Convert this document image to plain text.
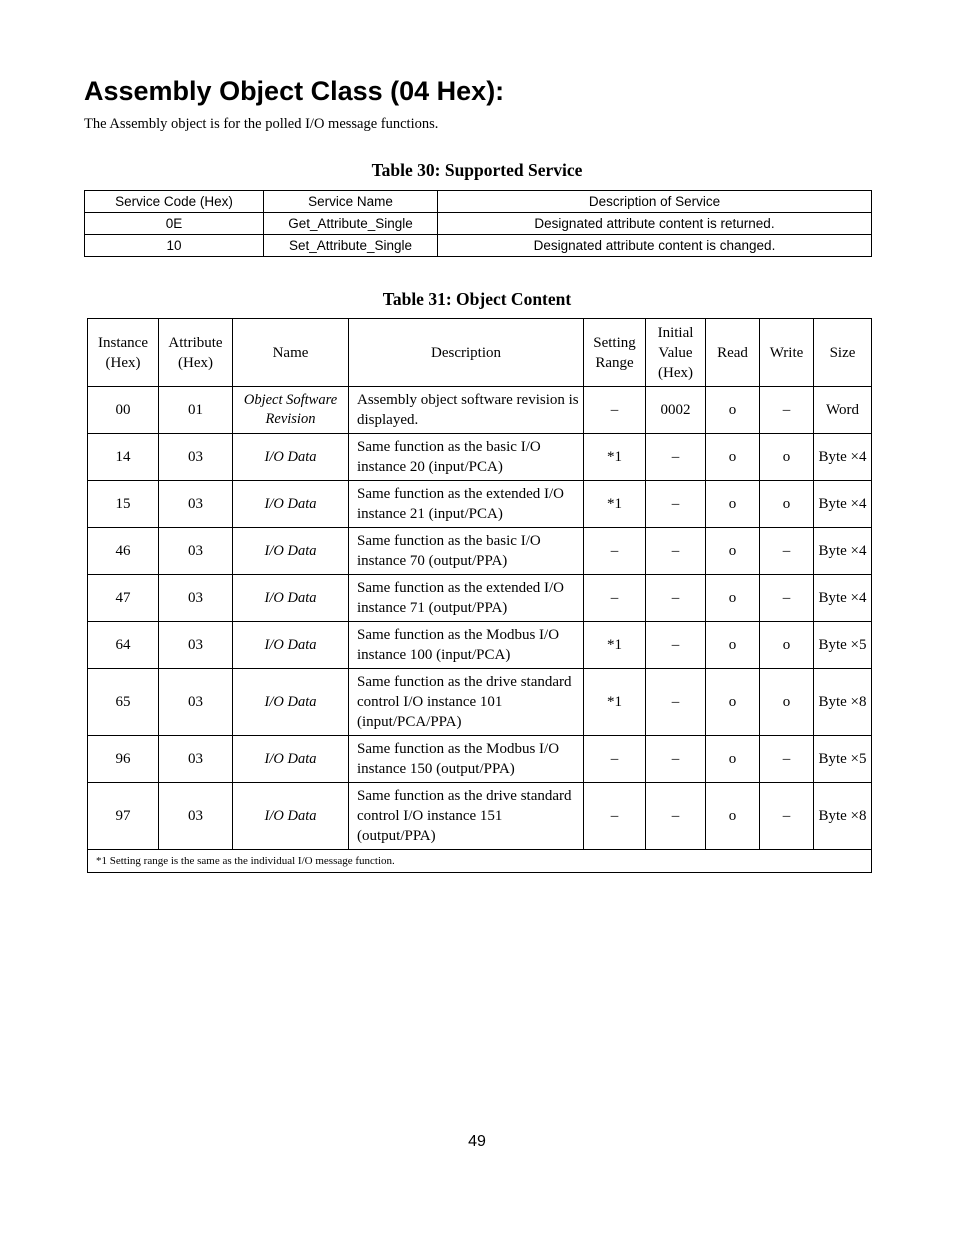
Assembly Object Class (04 Hex):
The Assembly object is for the polled I/O message functions.
Table 30: Supported Service
Service Code (Hex)	Service Name	Description of Service
0E	Get_Attribute_Single	Designated attribute content is returned.
10	Set_Attribute_Single	Designated attribute content is changed.
Table 31: Object Content
Instance (Hex)	Attribute (Hex)	Name	Description	Setting Range	Initial Value (Hex)	Read	Write	Size
00	01	Object Software Revision	Assembly object software revision is displayed.	–	0002	o	–	Word
14	03	I/O Data	Same function as the basic I/O instance 20 (input/PCA)	*1	–	o	o	Byte ×4
15	03	I/O Data	Same function as the extended I/O instance 21 (input/PCA)	*1	–	o	o	Byte ×4
46	03	I/O Data	Same function as the basic I/O instance 70 (output/PPA)	–	–	o	–	Byte ×4
47	03	I/O Data	Same function as the extended I/O instance 71 (output/PPA)	–	–	o	–	Byte ×4
64	03	I/O Data	Same function as the Modbus I/O instance 100 (input/PCA)	*1	–	o	o	Byte ×5
65	03	I/O Data	Same function as the drive standard control I/O instance 101 (input/PCA/PPA)	*1	–	o	o	Byte ×8
96	03	I/O Data	Same function as the Modbus I/O instance 150 (output/PPA)	–	–	o	–	Byte ×5
97	03	I/O Data	Same function as the drive standard control I/O instance 151 (output/PPA)	–	–	o	–	Byte ×8
*1 Setting range is the same as the individual I/O message function.								
49
